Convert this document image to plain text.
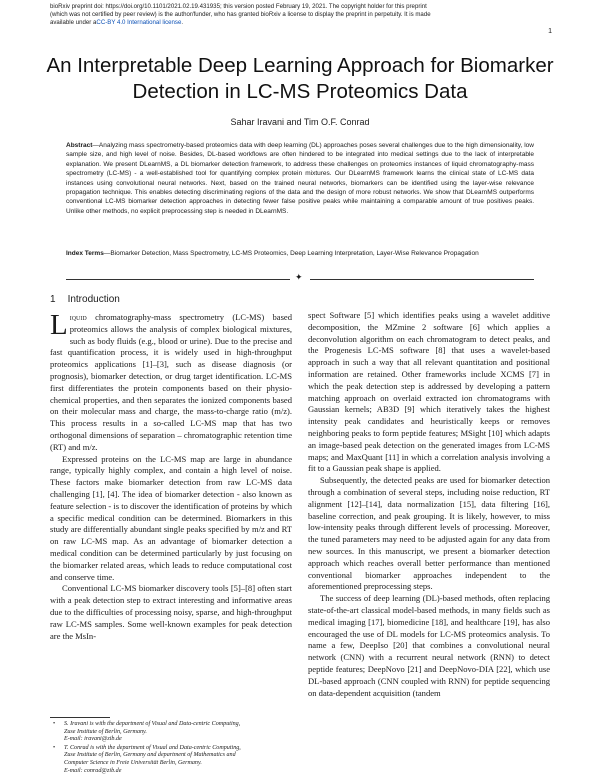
bioRxiv preprint doi: https://doi.org/10.1101/2021.02.19.431935; this version posted February 19, 2021. The copyright holder for this preprint
(which was not certified by peer review) is the author/funder, who has granted bioRxiv a license to display the preprint in perpetuity. It is made
available under aCC-BY 4.0 International license.
1
An Interpretable Deep Learning Approach for Biomarker Detection in LC-MS Proteomics Data
Sahar Iravani and Tim O.F. Conrad
Abstract—Analyzing mass spectrometry-based proteomics data with deep learning (DL) approaches poses several challenges due to the high dimensionality, low sample size, and high level of noise. Besides, DL-based workflows are often hindered to be integrated into medical settings due to the lack of interpretable explanation. We present DLearnMS, a DL biomarker detection framework, to address these challenges on proteomics instances of liquid chromatography-mass spectrometry (LC-MS) - a well-established tool for quantifying complex protein mixtures. Our DLearnMS framework learns the clinical state of LC-MS data instances using convolutional neural networks. Next, based on the trained neural networks, biomarkers can be identified using the layer-wise relevance propagation technique. This enables detecting discriminating regions of the data and the design of more robust networks. We show that DLearnMS outperforms conventional LC-MS biomarker detection approaches in detecting fewer false positive peaks while maintaining a comparable amount of true positives peaks. Unlike other methods, no explicit preprocessing step is needed in DLearnMS.
Index Terms—Biomarker Detection, Mass Spectrometry, LC-MS Proteomics, Deep Learning Interpretation, Layer-Wise Relevance Propagation
✦
1 Introduction

Liquid chromatography-mass spectrometry (LC-MS) based proteomics allows the analysis of complex biological mixtures, such as body fluids (e.g., blood or urine). Due to the precise and fast quantification process, it is widely used in high-throughput proteomics applications [1]–[3], such as disease diagnosis (or prognosis), biomarker detection, or drug target identification. LC-MS first differentiates the protein components based on their physio-chemical properties, and then separates the ionized components based on their molecular mass and charge, the mass-to-charge ratio (m/z). This process results in a so-called LC-MS map that has two orthogonal dimensions of separation – chromatographic retention time (RT) and m/z.

Expressed proteins on the LC-MS map are large in abundance range, typically highly complex, and contain a high level of noise. These factors make biomarker detection from raw LC-MS data challenging [1], [4]. The idea of biomarker detection - also known as feature selection - is to discover the identification of proteins by which a specific medical condition can be determined. Biomarkers in this study are differentially abundant single peaks specified by m/z and RT on raw LC-MS map. As an advantage of biomarker detection a medical condition can be determined particularly by just focusing on the biomarker related areas, which leads to reduce computational cost and conserve time.

Conventional LC-MS biomarker discovery tools [5]–[8] often start with a peak detection step to extract interesting and informative areas due to the difficulties of processing noisy, sparse, and high-throughput raw LC-MS samples. Some well-known examples for peak detection are the MsIn-

spect Software [5] which identifies peaks using a wavelet additive decomposition, the MZmine 2 software [6] which applies a deconvolution algorithm on each chromatogram to detect peaks, and the Progenesis LC-MS software [8] that uses a wavelet-based approach in such a way that all relevant quantitation and positional information are retained. Other frameworks include XCMS [7] in which the peak detection step is addressed by developing a pattern matching approach on overlaid extracted ion chromatograms with Gaussian kernels; AB3D [9] which iteratively takes the highest intensity peak candidates and heuristically keeps or removes neighboring peaks to form peptide features; MSight [10] which adapts an image-based peak detection on the generated images from LC-MS maps; and MaxQuant [11] in which a correlation analysis involving a fit to a Gaussian peak shape is applied.

Subsequently, the detected peaks are used for biomarker detection through a combination of several steps, including noise reduction, RT alignment [12]–[14], data normalization [15], data filtering [16], baseline correction, and peak grouping. It is likely, however, to miss low-intensity peaks through different levels of processing. Moreover, the tuned parameters may need to be adjusted again for any data from new sources. In this manuscript, we present a biomarker detection approach which reaches overall better performance than mentioned conventional biomarker approaches independent to the aforementioned preprocessing steps.

The success of deep learning (DL)-based methods, often replacing state-of-the-art classical model-based methods, in many fields such as medical imaging [17], biomedicine [18], and healthcare [19], has also encouraged the use of DL models for LC-MS proteomics analysis. To name a few, DeepIso [20] that combines a convolutional neural network (CNN) with a recurrent neural network (RNN) to detect peptide features; DeepNovo [21] and DeepNovo-DIA [22], which use DL-based approach (CNN coupled with RNN) for peptide sequencing on data-dependent acquisition (tandem

• S. Iravani is with the department of Visual and Data-centric Computing,
Zuse Institute of Berlin, Germany.
E-mail: iravani@zib.de
• T. Conrad is with the department of Visual and Data-centric Computing,
Zuse Institute of Berlin, Germany and department of Mathematics and
Computer Science in Freie Universität Berlin, Germany.
E-mail: conrad@zib.de
